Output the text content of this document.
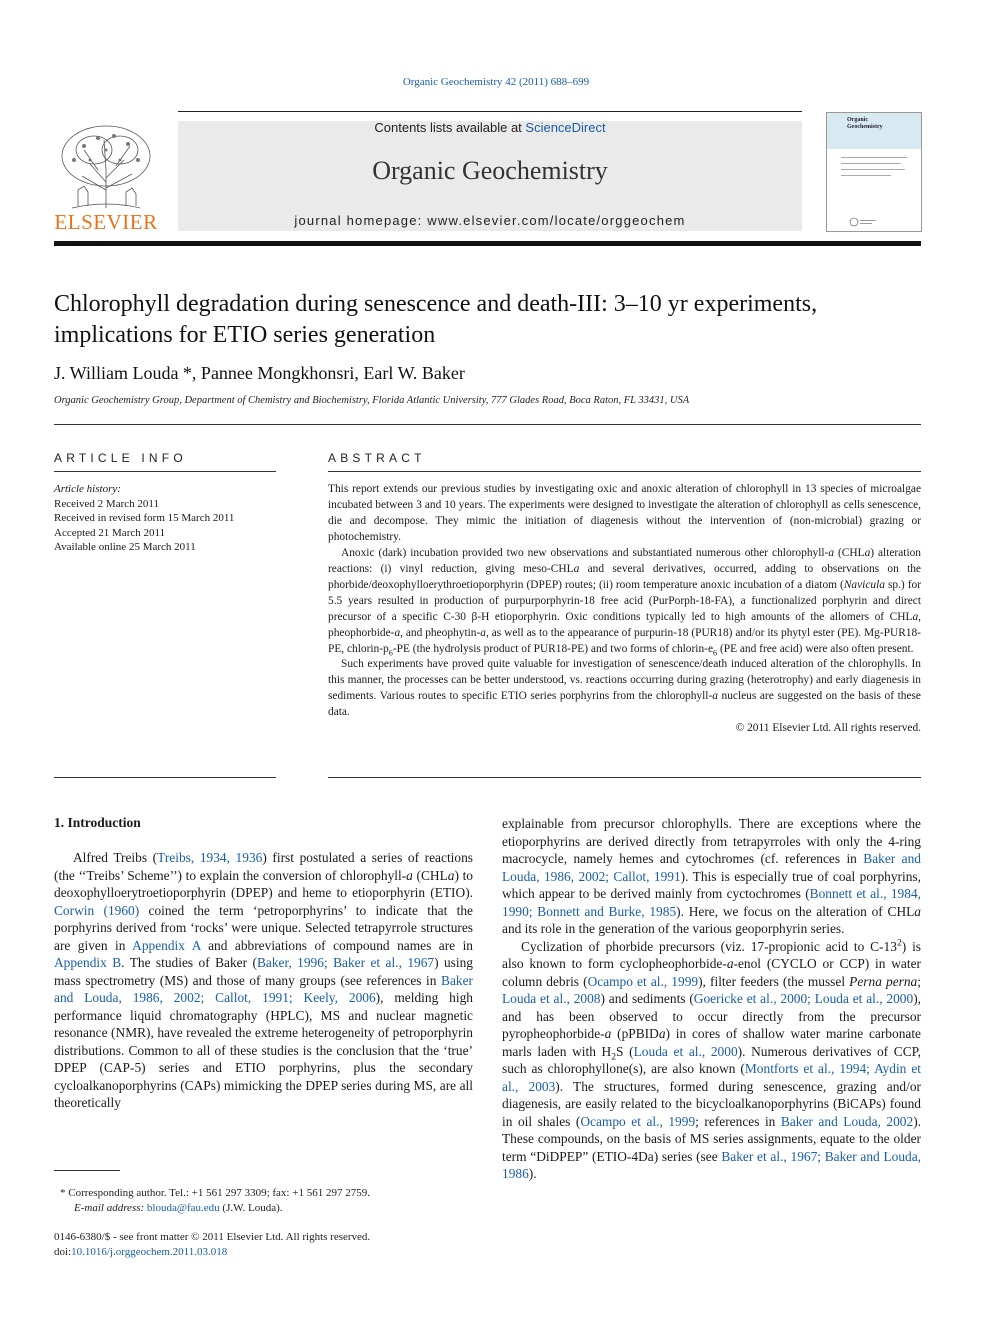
Organic Geochemistry 42 (2011) 688–699
ELSEVIER
Contents lists available at ScienceDirect
Organic Geochemistry
journal homepage: www.elsevier.com/locate/orggeochem
Organic Geochemistry
Chlorophyll degradation during senescence and death-III: 3–10 yr experiments, implications for ETIO series generation
J. William Louda *, Pannee Mongkhonsri, Earl W. Baker
Organic Geochemistry Group, Department of Chemistry and Biochemistry, Florida Atlantic University, 777 Glades Road, Boca Raton, FL 33431, USA
ARTICLE INFO
Article history:
Received 2 March 2011
Received in revised form 15 March 2011
Accepted 21 March 2011
Available online 25 March 2011
ABSTRACT

This report extends our previous studies by investigating oxic and anoxic alteration of chlorophyll in 13 species of microalgae incubated between 3 and 10 years. The experiments were designed to investigate the alteration of chlorophyll as cells senescence, die and decompose. They mimic the initiation of diagenesis without the intervention of (non-microbial) grazing or photochemistry.

Anoxic (dark) incubation provided two new observations and substantiated numerous other chlorophyll-a (CHLa) alteration reactions: (i) vinyl reduction, giving meso-CHLa and several derivatives, occurred, adding to observations on the phorbide/deoxophylloerythroetioporphyrin (DPEP) routes; (ii) room temperature anoxic incubation of a diatom (Navicula sp.) for 5.5 years resulted in production of purpurporphyrin-18 free acid (PurPorph-18-FA), a functionalized porphyrin and direct precursor of a specific C-30 β-H etioporphyrin. Oxic conditions typically led to high amounts of the allomers of CHLa, pheophorbide-a, and pheophytin-a, as well as to the appearance of purpurin-18 (PUR18) and/or its phytyl ester (PE). Mg-PUR18-PE, chlorin-$p_6-PE$ (the hydrolysis product of PUR18-PE) and two forms of chlorin-$e_6$ (PE and free acid) were also often present.

Such experiments have proved quite valuable for investigation of senescence/death induced alteration of the chlorophylls. In this manner, the processes can be better understood, vs. reactions occurring during grazing (heterotrophy) and early diagenesis in sediments. Various routes to specific ETIO series porphyrins from the chlorophyll-a nucleus are suggested on the basis of these data.

© 2011 Elsevier Ltd. All rights reserved.
1. Introduction

Alfred Treibs (Treibs, 1934, 1936) first postulated a series of reactions (the ‘‘Treibs’ Scheme’’) to explain the conversion of chlorophyll-a (CHLa) to deoxophylloerytroetioporphyrin (DPEP) and heme to etioporphyrin (ETIO). Corwin (1960) coined the term ‘petroporphyrins’ to indicate that the porphyrins derived from ‘rocks’ were unique. Selected tetrapyrrole structures are given in Appendix A and abbreviations of compound names are in Appendix B. The studies of Baker (Baker, 1996; Baker et al., 1967) using mass spectrometry (MS) and those of many groups (see references in Baker and Louda, 1986, 2002; Callot, 1991; Keely, 2006), melding high performance liquid chromatography (HPLC), MS and nuclear magnetic resonance (NMR), have revealed the extreme heterogeneity of petroporphyrin distributions. Common to all of these studies is the conclusion that the ‘true’ DPEP (CAP-5) series and ETIO porphyrins, plus the secondary cycloalkanoporphyrins (CAPs) mimicking the DPEP series during MS, are all theoretically

explainable from precursor chlorophylls. There are exceptions where the etioporphyrins are derived directly from tetrapyrroles with only the 4-ring macrocycle, namely hemes and cytochromes (cf. references in Baker and Louda, 1986, 2002; Callot, 1991). This is especially true of coal porphyrins, which appear to be derived mainly from cyctochromes (Bonnett et al., 1984, 1990; Bonnett and Burke, 1985). Here, we focus on the alteration of CHLa and its role in the generation of the various geoporphyrin series.

Cyclization of phorbide precursors (viz. 17-propionic acid to $C-13^2$) is also known to form cyclopheophorbide-a-enol (CYCLO or CCP) in water column debris (Ocampo et al., 1999), filter feeders (the mussel Perna perna; Louda et al., 2008) and sediments (Goericke et al., 2000; Louda et al., 2000), and has been observed to occur directly from the precursor pyropheophorbide-a (pPBIDa) in cores of shallow water marine carbonate marls laden with $H_2S$ (Louda et al., 2000). Numerous derivatives of CCP, such as chlorophyllone(s), are also known (Montforts et al., 1994; Aydin et al., 2003). The structures, formed during senescence, grazing and/or diagenesis, are easily related to the bicycloalkanoporphyrins (BiCAPs) found in oil shales (Ocampo et al., 1999; references in Baker and Louda, 2002). These compounds, on the basis of MS series assignments, equate to the older term “DiDPEP” (ETIO-4Da) series (see Baker et al., 1967; Baker and Louda, 1986).

* Corresponding author. Tel.: +1 561 297 3309; fax: +1 561 297 2759.
E-mail address: blouda@fau.edu (J.W. Louda).
0146-6380/$ - see front matter © 2011 Elsevier Ltd. All rights reserved.
doi:10.1016/j.orggeochem.2011.03.018
